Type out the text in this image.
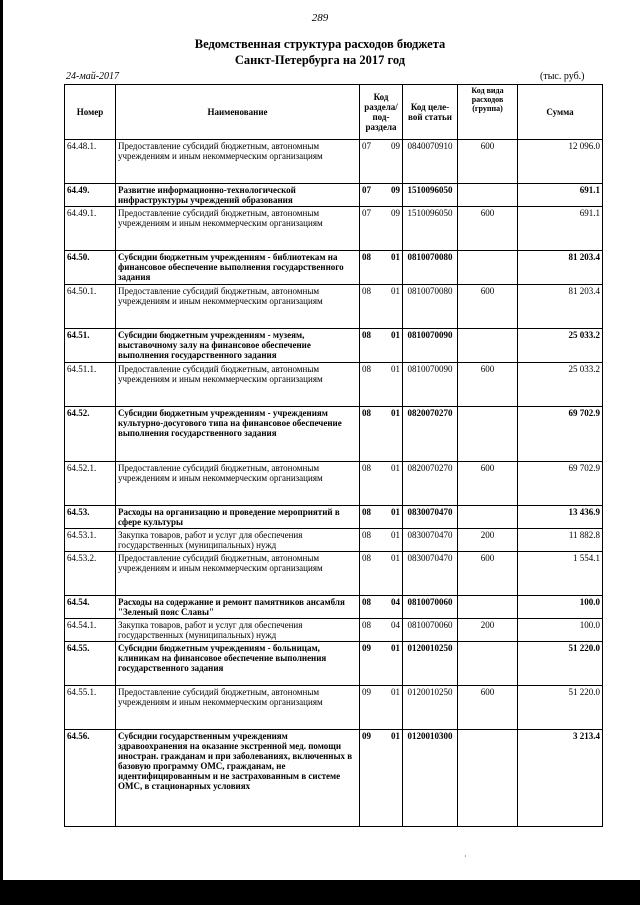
289
Ведомственная структура расходов бюджета
Санкт-Петербурга на 2017 год
24-май-2017	(тыс. руб.)
Номер	Наименование	Код раздела/ под-раздела	Код целе-вой статьи	Код вида расходов (группа)	Сумма
64.48.1.	Предоставление субсидий бюджетным, автономным учреждениям и иным некоммерческим организациям	07 09	0840070910	600	12 096.0
64.49.	Развитие информационно-технологической инфраструктуры учреждений образования	07 09	1510096050		691.1
64.49.1.	Предоставление субсидий бюджетным, автономным учреждениям и иным некоммерческим организациям	07 09	1510096050	600	691.1
64.50.	Субсидии бюджетным учреждениям - библиотекам на финансовое обеспечение выполнения государственного задания	08 01	0810070080		81 203.4
64.50.1.	Предоставление субсидий бюджетным, автономным учреждениям и иным некоммерческим организациям	08 01	0810070080	600	81 203.4
64.51.	Субсидии бюджетным учреждениям - музеям, выставочному залу на финансовое обеспечение выполнения государственного задания	08 01	0810070090		25 033.2
64.51.1.	Предоставление субсидий бюджетным, автономным учреждениям и иным некоммерческим организациям	08 01	0810070090	600	25 033.2
64.52.	Субсидии бюджетным учреждениям - учреждениям культурно-досугового типа на финансовое обеспечение выполнения государственного задания	08 01	0820070270		69 702.9
64.52.1.	Предоставление субсидий бюджетным, автономным учреждениям и иным некоммерческим организациям	08 01	0820070270	600	69 702.9
64.53.	Расходы на организацию и проведение мероприятий в сфере культуры	08 01	0830070470		13 436.9
64.53.1.	Закупка товаров, работ и услуг для обеспечения государственных (муниципальных) нужд	08 01	0830070470	200	11 882.8
64.53.2.	Предоставление субсидий бюджетным, автономным учреждениям и иным некоммерческим организациям	08 01	0830070470	600	1 554.1
64.54.	Расходы на содержание и ремонт памятников ансамбля "Зеленый пояс Славы"	08 04	0810070060		100.0
64.54.1.	Закупка товаров, работ и услуг для обеспечения государственных (муниципальных) нужд	08 04	0810070060	200	100.0
64.55.	Субсидии бюджетным учреждениям - больницам, клиникам на финансовое обеспечение выполнения государственного задания	09 01	0120010250		51 220.0
64.55.1.	Предоставление субсидий бюджетным, автономным учреждениям и иным некоммерческим организациям	09 01	0120010250	600	51 220.0
64.56.	Субсидии государственным учреждениям здравоохранения на оказание экстренной мед. помощи иностран. гражданам и при заболеваниях, включенных в базовую программу ОМС, гражданам, не идентифицированным и не застрахованным в системе ОМС, в стационарных условиях	09 01	0120010300		3 213.4
·
